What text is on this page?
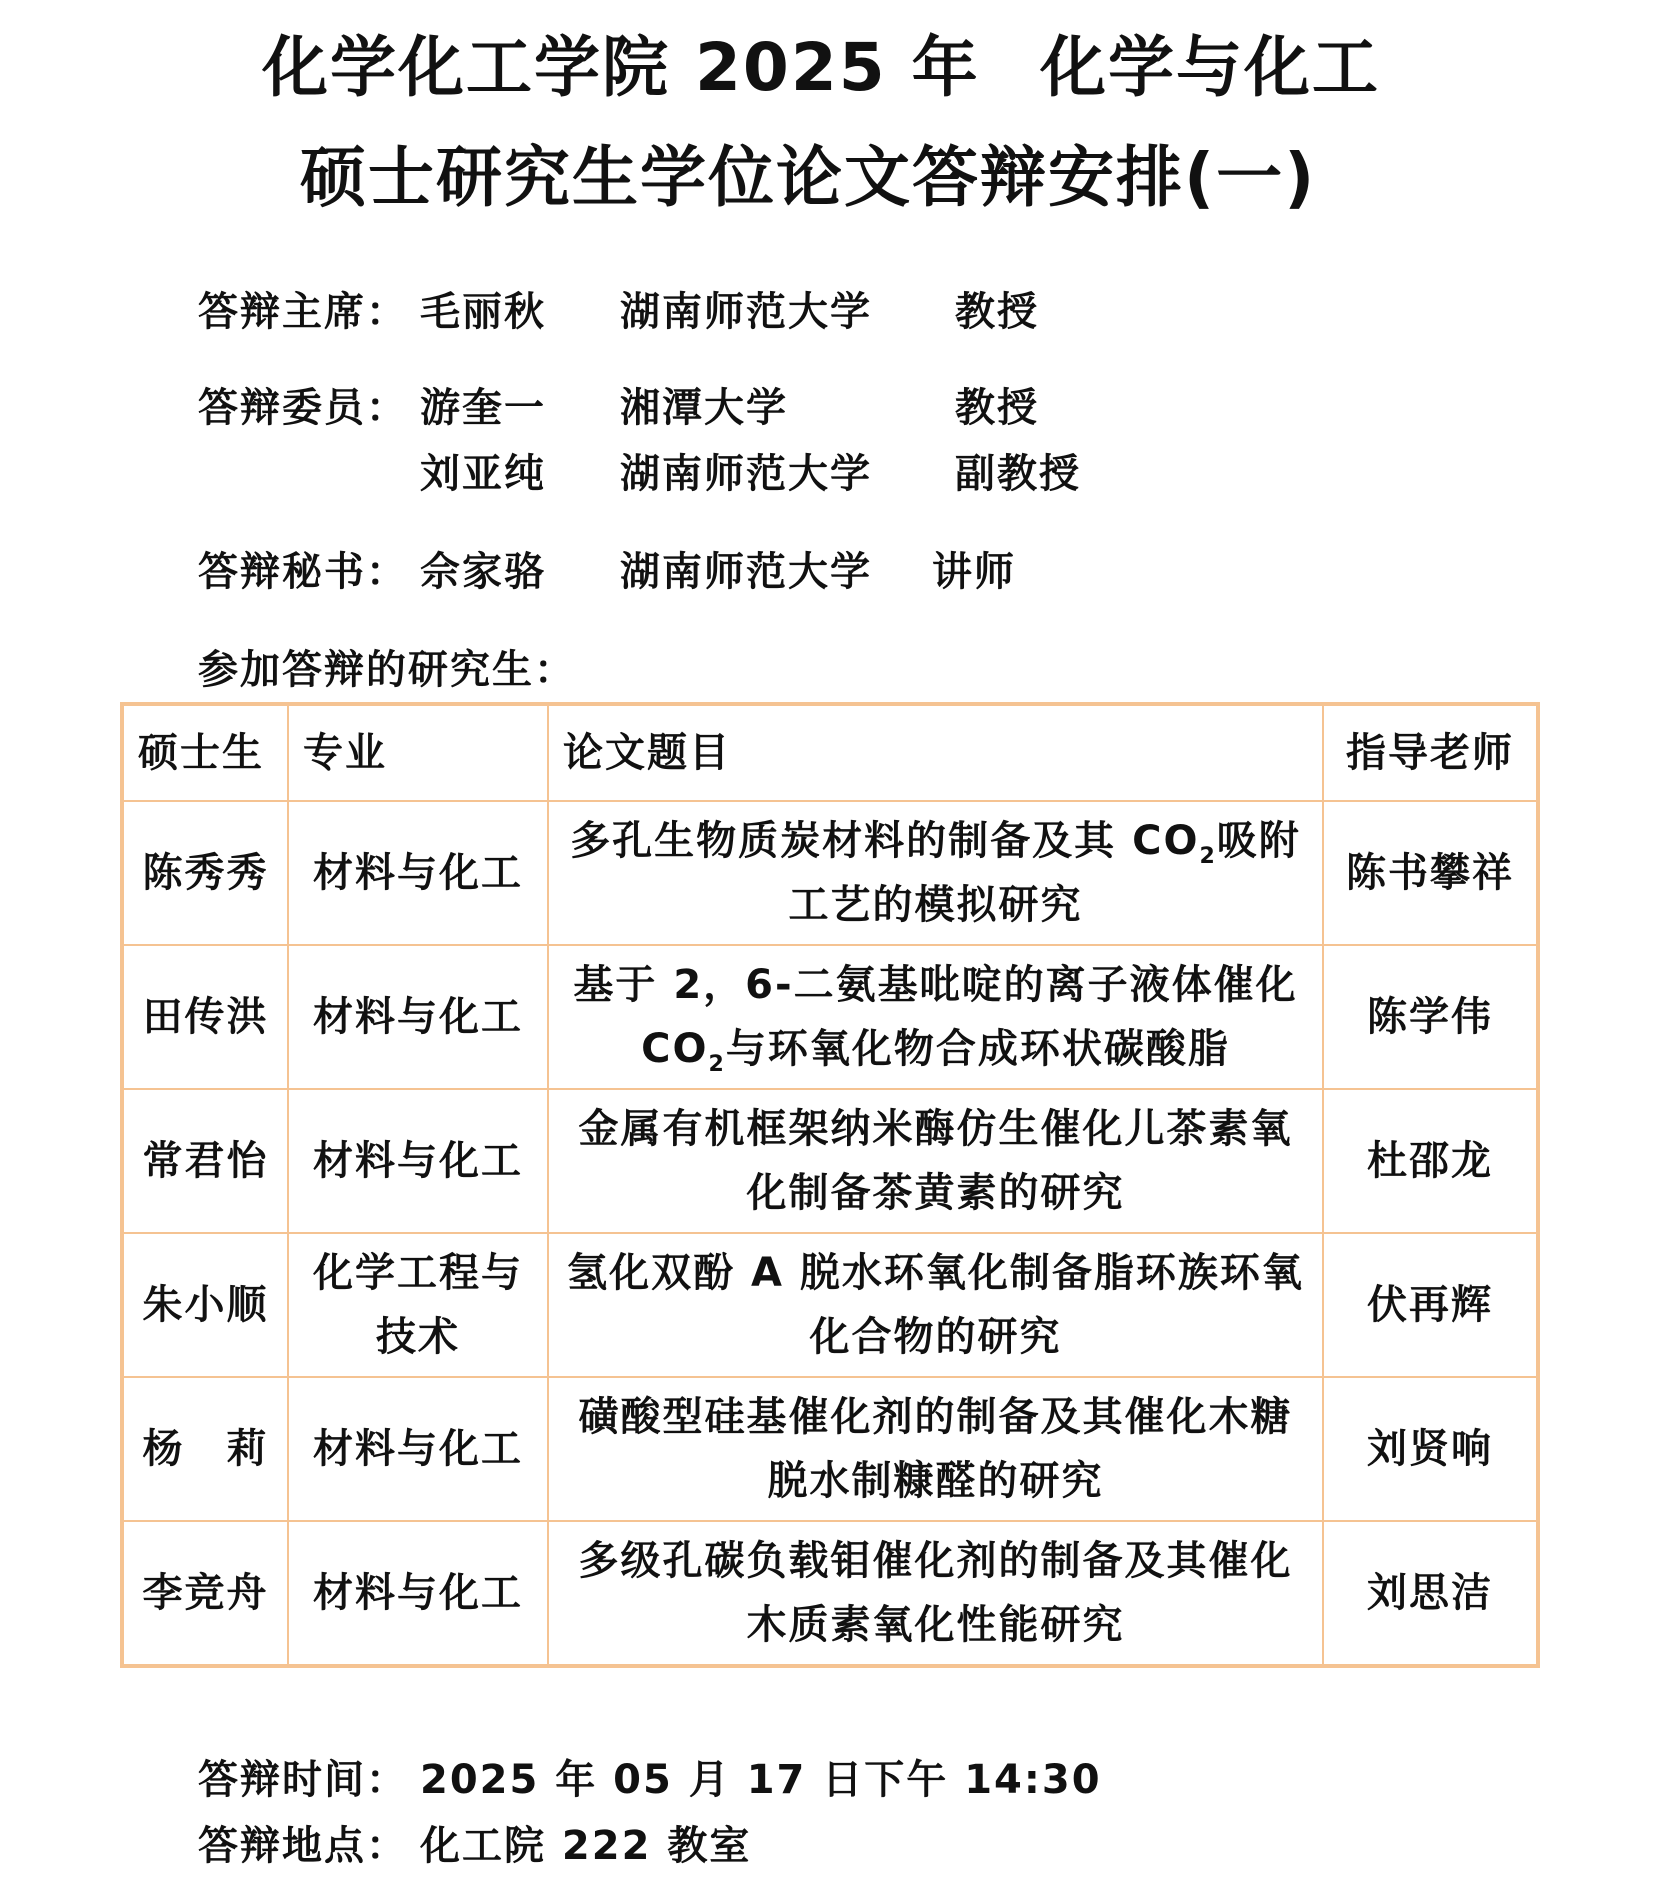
化学化工学院 2025 年 化学与化工
硕士研究生学位论文答辩安排(一)
答辩主席： 毛丽秋 湖南师范大学 教授
答辩委员： 游奎一 湘潭大学	教授
刘亚纯 湖南师范大学 副教授
答辩秘书： 佘家骆 湖南师范大学 讲师
参加答辩的研究生：
硕士生	专业	论文题目	指导老师
陈秀秀	材料与化工	多孔生物质炭材料的制备及其 $CO_2$吸附工艺的模拟研究	陈书攀祥
田传洪	材料与化工	基于 2，6-二氨基吡啶的离子液体催化 $CO_2$与环氧化物合成环状碳酸脂	陈学伟
常君怡	材料与化工	金属有机框架纳米酶仿生催化儿茶素氧化制备茶黄素的研究	杜邵龙
朱小顺	化学工程与技术	氢化双酚 A 脱水环氧化制备脂环族环氧化合物的研究	伏再辉
杨　莉	材料与化工	磺酸型硅基催化剂的制备及其催化木糖脱水制糠醛的研究	刘贤响
李竞舟	材料与化工	多级孔碳负载钼催化剂的制备及其催化木质素氧化性能研究	刘思洁
答辩时间： 2025 年 05 月 17 日下午 14:30
答辩地点： 化工院 222 教室
